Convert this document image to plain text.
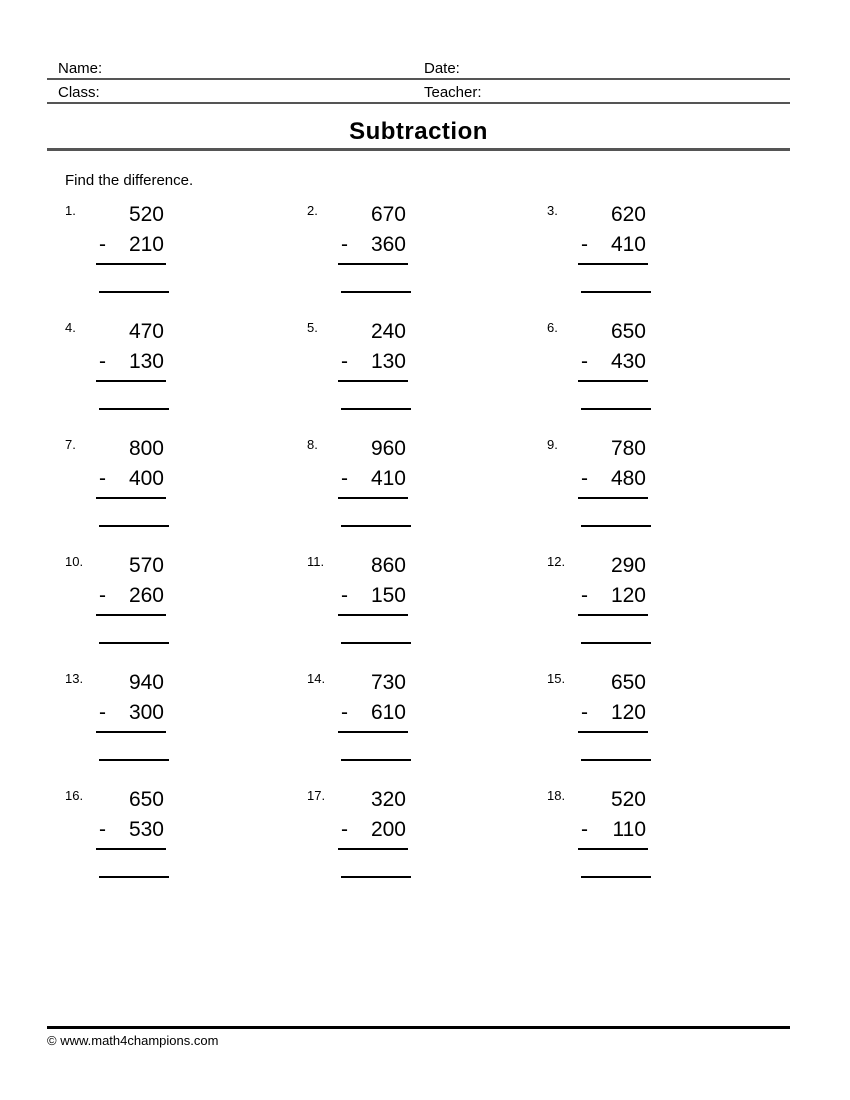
Name:	Date:
Class:	Teacher:
Subtraction
Find the difference.
1.	520
- 210
2.	670
- 360
3.	620
- 410
4.	470
- 130
5.	240
- 130
6.	650
- 430
7.	800
- 400
8.	960
- 410
9.	780
- 480
10.	570
- 260
11.	860
- 150
12.	290
- 120
13.	940
- 300
14.	730
- 610
15.	650
- 120
16.	650
- 530
17.	320
- 200
18.	520
- 110
© www.math4champions.com
